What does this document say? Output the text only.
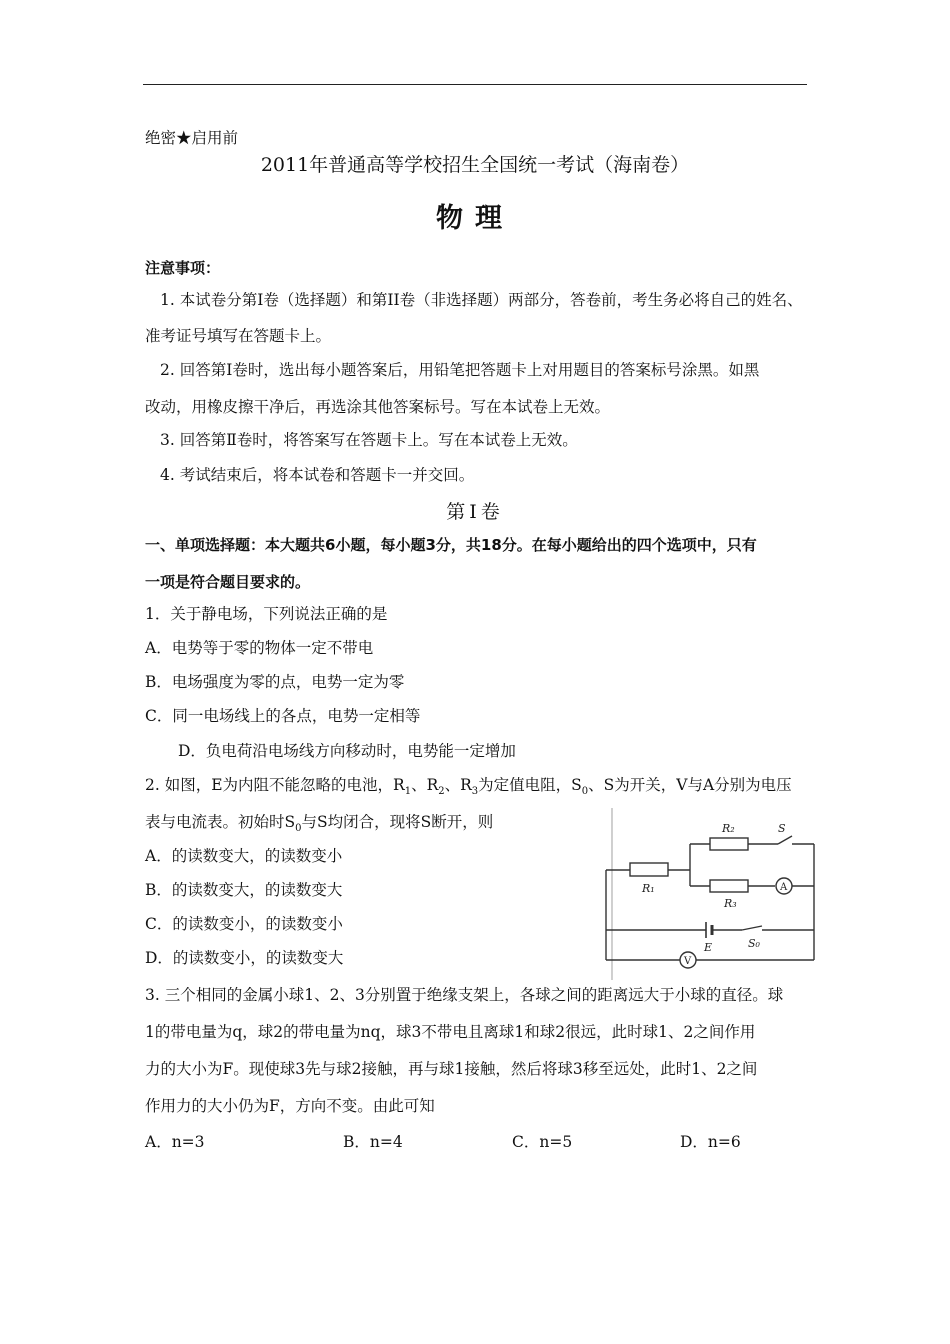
绝密★启用前
2011年普通高等学校招生全国统一考试（海南卷）
物理
注意事项：
1. 本试卷分第I卷（选择题）和第II卷（非选择题）两部分，答卷前，考生务必将自己的姓名、
准考证号填写在答题卡上。
2. 回答第I卷时，选出每小题答案后，用铅笔把答题卡上对用题目的答案标号涂黑。如黑
改动，用橡皮擦干净后，再选涂其他答案标号。写在本试卷上无效。
3. 回答第Ⅱ卷时，将答案写在答题卡上。写在本试卷上无效。
4. 考试结束后，将本试卷和答题卡一并交回。
第Ⅰ卷
一、单项选择题：本大题共6小题，每小题3分，共18分。在每小题给出的四个选项中，只有
一项是符合题目要求的。
1．关于静电场，下列说法正确的是
A．电势等于零的物体一定不带电
B．电场强度为零的点，电势一定为零
C．同一电场线上的各点，电势一定相等
D．负电荷沿电场线方向移动时，电势能一定增加
2. 如图，E为内阻不能忽略的电池，$R_1$、$R_2$、$R_3$为定值电阻，$S_0$、S为开关，V与A分别为电压
表与电流表。初始时$S_0$与S均闭合，现将S断开，则
A．的读数变大，的读数变小
B．的读数变大，的读数变大
C．的读数变小，的读数变小
D．的读数变小，的读数变大
R₂	S
R₁
R₃
A
E	S₀
V
3. 三个相同的金属小球1、2、3分别置于绝缘支架上，各球之间的距离远大于小球的直径。球
1的带电量为q，球2的带电量为nq，球3不带电且离球1和球2很远，此时球1、2之间作用
力的大小为F。现使球3先与球2接触，再与球1接触，然后将球3移至远处，此时1、2之间
作用力的大小仍为F，方向不变。由此可知
A．n=3	B．n=4	C．n=5	D．n=6
